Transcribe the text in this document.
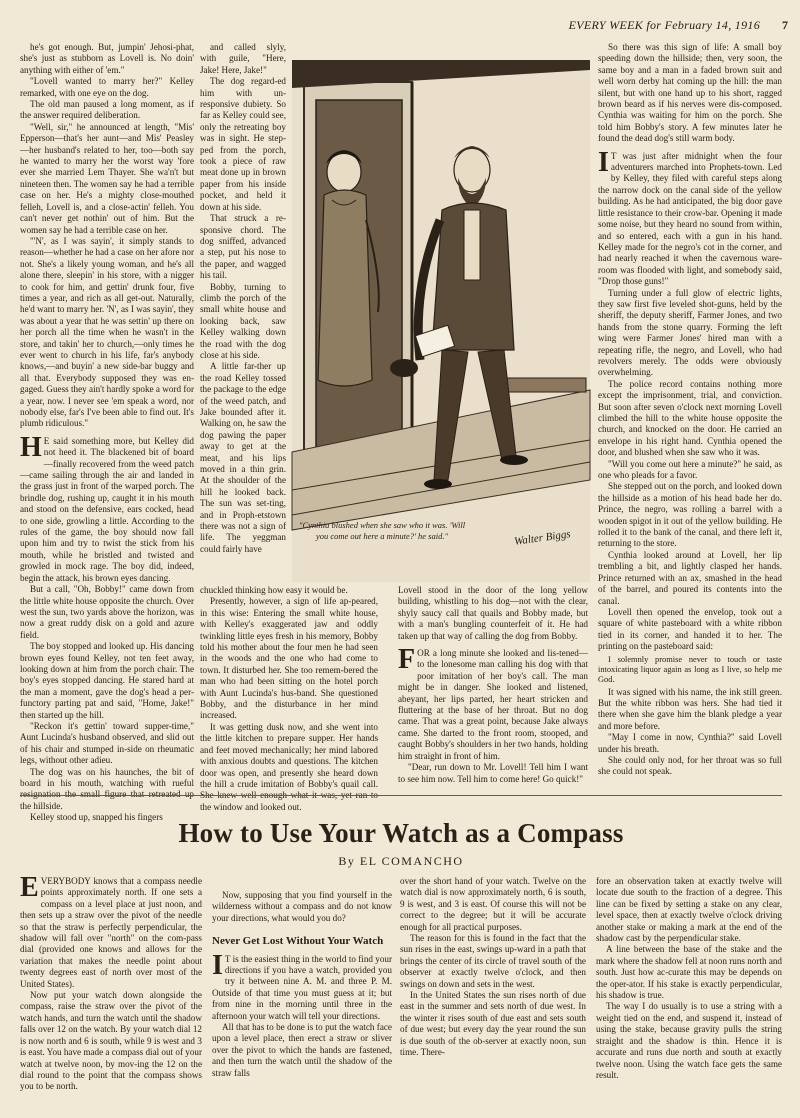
EVERY WEEK for February 14, 1916 7

he's got enough. But, jumpin' Jehosi-phat, she's just as stubborn as Lovell is. No doin' anything with either of 'em."

"Lovell wanted to marry her?" Kelley remarked, with one eye on the dog.

The old man paused a long moment, as if the answer required deliberation.

"Well, sir," he announced at length, "Mis' Epperson—that's her aunt—and Mis' Peasley—her husband's related to her, too—both say he wanted to marry her the worst way 'fore ever she married Lem Thayer. She wa'n't but nineteen then. The women say he had a terrible case on her. He's a mighty close-mouthed felleh, Lovell is, and a close-actin' felleh. You can't never get nothin' out of him. But the women say he had a terrible case on her.

"'N', as I was sayin', it simply stands to reason—whether he had a case on her afore nor not. She's a likely young woman, and he's all alone there, sleepin' in his store, with a nigger to cook for him, and gettin' drunk four, five times a year, and rich as all get-out. Naturally, he'd want to marry her. 'N', as I was sayin', they was about a year that he was settin' up there on her porch all the time when he wasn't in the store, and takin' her to church,—only times he ever went to church in his life, far's anybody knows,—and buyin' a new side-bar buggy and all that. Everybody supposed they was en-gaged. Guess they ain't hardly spoke a word for a year, now. I never see 'em speak a word, nor nobody else, far's I've been able to find out. It's plumb ridiculous."

HE said something more, but Kelley did not heed it. The blackened bit of board—finally recovered from the weed patch—came sailing through the air and landed in the grass just in front of the warped porch. The brindle dog, rushing up, caught it in his mouth and stood on the defensive, ears cocked, head to one side, growling a little. According to the rules of the game, the boy should now fall upon him and try to twist the stick from his mouth, while he bristled and twisted and growled in mock rage. The boy did, indeed, begin the attack, his brown eyes dancing.

But a call, "Oh, Bobby!" came down from the little white house opposite the church. Over west the sun, two yards above the horizon, was now a great ruddy disk on a gold and azure field.

The boy stopped and looked up. His dancing brown eyes found Kelley, not ten feet away, looking down at him from the porch chair. The boy's eyes stopped dancing. He stared hard at the man a moment, gave the dog's head a per-functory parting pat and said, "Home, Jake!" then started up the hill.

"Reckon it's gettin' toward supper-time," Aunt Lucinda's husband observed, and slid out of his chair and stumped in-side on rheumatic legs, without other adieu.

The dog was on his haunches, the bit of board in his mouth, watching with rueful the hillside.

Kelley stood up, snapped his fingers

and called slyly, with guile, "Here, Jake! Here, Jake!"

The dog regard-ed him with un-responsive dubiety. So far as Kelley could see, only the retreating boy was in sight. He step-ped from the porch, took a piece of raw meat done up in brown paper from his inside pocket, and held it down at his side.

That struck a re-sponsive chord. The dog sniffed, advanced a step, put his nose to the paper, and wagged his tail.

Bobby, turning to climb the porch of the small white house and looking back, saw Kelley walking down the road with the dog close at his side.

A little far-ther up the road Kelley tossed the package to the edge of the weed patch, and Jake bounded after it. Walking on, he saw the dog pawing the paper away to get at the meat, and his lips moved in a thin grin. At the shoulder of the hill he looked back. The sun was set-ting, and in Proph-etstown there was not a sign of life. The yeggman could fairly have

Walter Biggs
"Cynthia blushed when she saw who it was. 'Will you come out here a minute?' he said."

chuckled thinking how easy it would be.

Presently, however, a sign of life ap-peared, in this wise: Entering the small white house, with Kelley's exaggerated jaw and oddly twinkling little eyes fresh in his memory, Bobby told his mother about the four men he had seen in the woods and the one who had come to town. It disturbed her. She too remem-bered the man who had been sitting on the hotel porch with Aunt Lucinda's hus-band. She questioned Bobby, and the disturbance in her mind increased.

It was getting dusk now, and she went into the little kitchen to prepare supper. Her hands and feet moved mechanically; her mind labored with anxious doubts and questions. The kitchen door was open, and presently she heard down the hill a crude imitation of Bobby's quail call. the window and looked out.

Lovell stood in the door of the long yellow building, whistling to his dog—not with the clear, shyly saucy call that quails and Bobby made, but with a man's bungling counterfeit of it. He had taken up that way of calling the dog from Bobby.

FOR a long minute she looked and lis-tened—to the lonesome man calling his dog with that poor imitation of her boy's call. The man might be in danger. She looked and listened, abeyant, her lips parted, her heart stricken and fluttering at the base of her throat. But no dog came. That was a great point, because Jake always came. She darted to the front room, stooped, and caught Bobby's shoulders in her two hands, holding him straight in front of him.

"Dear, run down to Mr. Lovell! Tell him I want to see him now. Tell him to come here! Go quick!"

So there was this sign of life: A small boy speeding down the hillside; then, very soon, the same boy and a man in a faded brown suit and well worn derby hat coming up the hill: the man silent, but with one hand up to his short, ragged brown beard as if his nerves were dis-composed. Cynthia was waiting for him on the porch. She told him Bobby's story. A few minutes later he found the dead dog's still warm body.

IT was just after midnight when the four adventurers marched into Prophets-town. Led by Kelley, they filed with careful steps along the narrow dock on the canal side of the yellow building. As he had anticipated, the big door gave little resistance to their crow-bar. Opening it made some noise, but they heard no sound from within, and so entered, each with a gun in his hand. Kelley made for the negro's cot in the corner, and had nearly reached it when the cavernous ware-room was flooded with light, and somebody said, "Drop those guns!"

Turning under a full glow of electric lights, they saw first five leveled shot-guns, held by the sheriff, the deputy sheriff, Farmer Jones, and two hands from the stone quarry. Forming the left wing were Farmer Jones' hired man with a repeating rifle, the negro, and Lovell, who had revolvers merely. The odds were obviously overwhelming.

The police record contains nothing more except the imprisonment, trial, and conviction. But soon after seven o'clock next morning Lovell climbed the hill to the white house opposite the church, and knocked on the door. He carried an envelope in his right hand. Cynthia opened the door, and blushed when she saw who it was.

"Will you come out here a minute?" he said, as one who pleads for a favor.

She stepped out on the porch, and looked down the hillside as a motion of his head bade her do. Prince, the negro, was rolling a barrel with a wooden spigot in it out of the yellow building. He rolled it to the bank of the canal, and there left it, returning to the store.

Cynthia looked around at Lovell, her lip trembling a bit, and lightly clasped her hands. Prince returned with an ax, smashed in the head of the barrel, and poured its contents into the canal.

Lovell then opened the envelop, took out a square of white pasteboard with a white ribbon tied in its corner, and handed it to her. The printing on the pasteboard said:

I solemnly promise never to touch or taste intoxicating liquor again as long as I live, so help me God.

It was signed with his name, the ink still green. But the white ribbon was hers. She had tied it there when she gave him the blank pledge a year and more before.

"May I come in now, Cynthia?" said Lovell under his breath.

She could only nod, for her throat was so full she could not speak.

How to Use Your Watch as a Compass
By EL COMANCHO

EVERYBODY knows that a compass needle points approximately north. If one sets a compass on a level place at just noon, and then sets up a straw over the pivot of the needle so that the straw is perfectly perpendicular, the shadow will fall over "north" on the com-pass dial (provided one knows and allows for the variation that makes the needle point about twenty degrees east of north over most of the United States).

Now put your watch down alongside the compass, raise the straw over the pivot of the watch hands, and turn the watch until the shadow falls over 12 on the watch. By your watch dial 12 is now north and 6 is south, while 9 is west and 3 is east. You have made a compass dial out of your watch at twelve noon, by mov-ing the 12 on the dial round to the point that the compass shows you to be north.

Now, supposing that you find yourself in the wilderness without a compass and do not know your directions, what would you do?

Never Get Lost Without Your Watch

IT is the easiest thing in the world to find your directions if you have a watch, provided you try it between nine A. M. and three P. M. Outside of that time you must guess at it; but from nine in the morning until three in the afternoon your watch will tell your directions.

All that has to be done is to put the watch face upon a level place, then erect a straw or sliver over the pivot to which the hands are fastened, and then turn the watch until the shadow of the straw falls

over the short hand of your watch. Twelve on the watch dial is now approximately north, 6 is south, 9 is west, and 3 is east. Of course this will not be correct to the degree; but it will be accurate enough for all practical purposes.

The reason for this is found in the fact that the sun rises in the east, swings up-ward in a path that brings the center of its circle of travel south of the observer at exactly twelve o'clock, and then swings on down and sets in the west.

In the United States the sun rises north of due east in the summer and sets north of due west. In the winter it rises south of due east and sets south of due west; but every day the year round the sun is due south of the ob-server at exactly noon, sun time. There-

fore an observation taken at exactly twelve will locate due south to the fraction of a degree. This line can be fixed by setting a stake on any clear, level space, then at exactly twelve o'clock driving another stake or making a mark at the end of the shadow cast by the perpendicular stake.

A line between the base of the stake and the mark where the shadow fell at noon runs north and south. Just how ac-curate this may be depends on the oper-ator. If his stake is exactly perpendicular, his shadow is true.

The way I do usually is to use a string with a weight tied on the end, and suspend it, instead of using the stake, because gravity pulls the string straight and the shadow is thin. Hence it is accurate and runs due north and south at exactly twelve noon. Using the watch face gets the same result.
